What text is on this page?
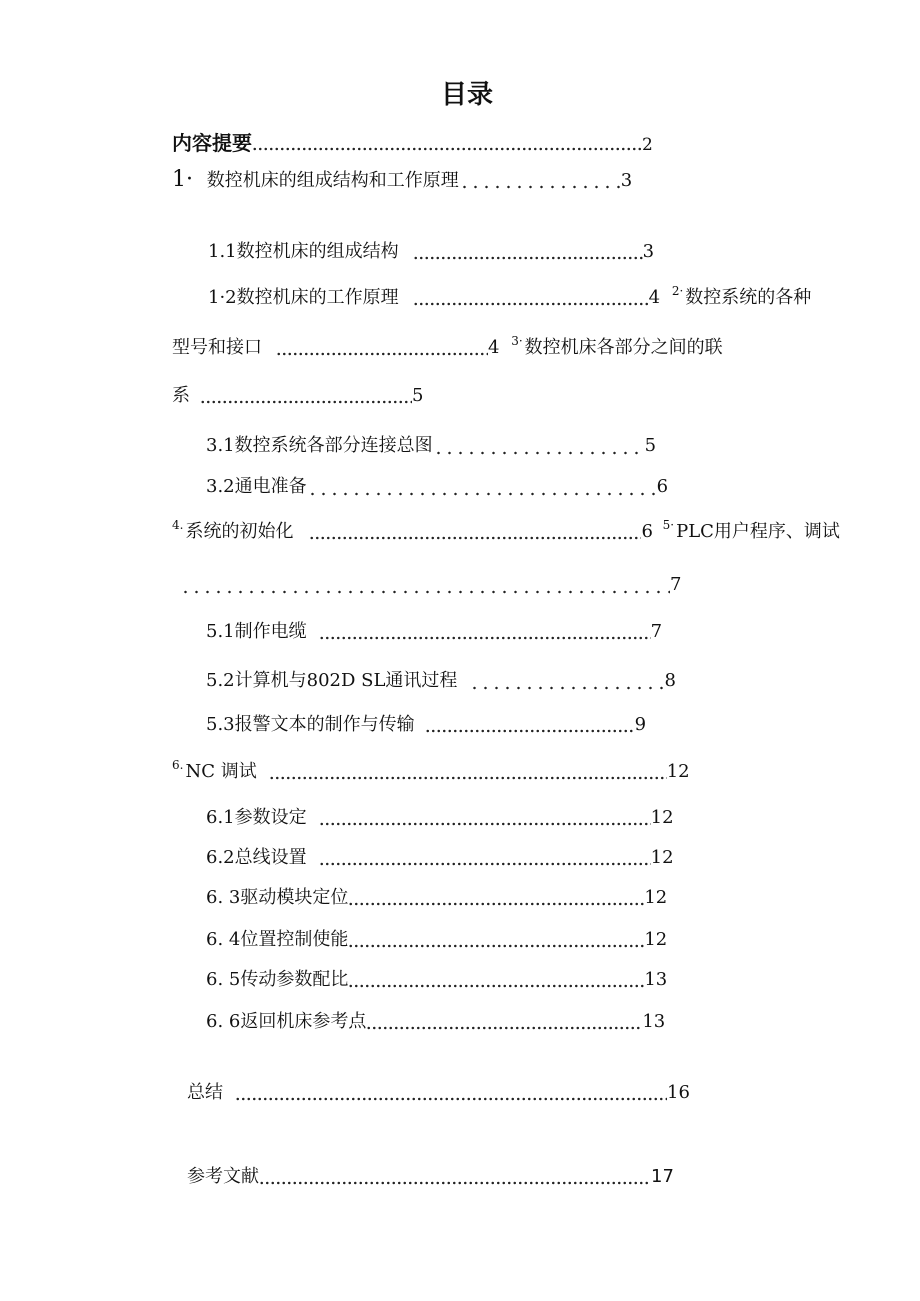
目录
内容提要	2
1· 数控机床的组成结构和工作原理	3
1.1数控机床的组成结构	3
1·2数控机床的工作原理	4 $^{2\cdot}$ 数控系统的各种
型号和接口	4 $^{3\cdot}$ 数控机床各部分之间的联
系	5
3.1数控系统各部分连接总图	5
3.2通电准备	6
$^{4.}$ 系统的初始化	6 $^{5\cdot}$ PLC用户程序、调试
7
5.1制作电缆	7
5.2计算机与802D SL通讯过程	8
5.3报警文本的制作与传输	9
$^{6.}$ NC 调试	12
6.1参数设定	12
6.2总线设置	12
6. 3驱动模块定位	12
6. 4位置控制使能	12
6. 5传动参数配比	13
6. 6返回机床参考点	13
总结	16
参考文献	17
